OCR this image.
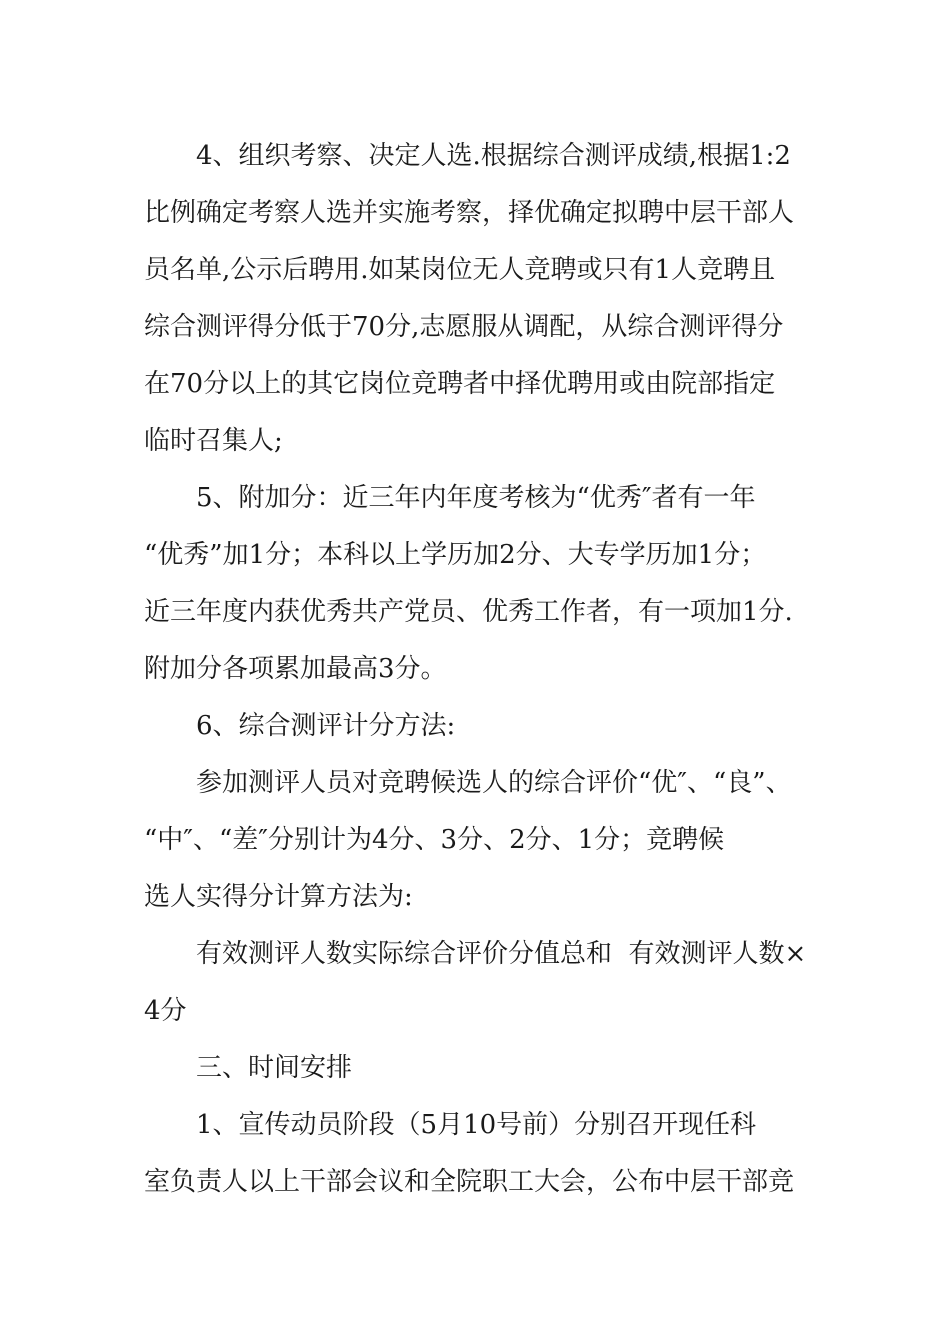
4、组织考察、决定人选.根据综合测评成绩,根据1:2
比例确定考察人选并实施考察，择优确定拟聘中层干部人
员名单,公示后聘用.如某岗位无人竞聘或只有1人竞聘且
综合测评得分低于70分,志愿服从调配，从综合测评得分
在70分以上的其它岗位竞聘者中择优聘用或由院部指定
临时召集人;
5、附加分：近三年内年度考核为“优秀″者有一年
“优秀”加1分；本科以上学历加2分、大专学历加1分；
近三年度内获优秀共产党员、优秀工作者，有一项加1分.
附加分各项累加最高3分。
6、综合测评计分方法:
参加测评人员对竞聘候选人的综合评价“优″、“良”、
“中″、“差″分别计为4分、3分、2分、1分；竞聘候
选人实得分计算方法为:
有效测评人数实际综合评价分值总和  有效测评人数×
4分
三、时间安排
1、宣传动员阶段（5月10号前）分别召开现任科
室负责人以上干部会议和全院职工大会，公布中层干部竞
